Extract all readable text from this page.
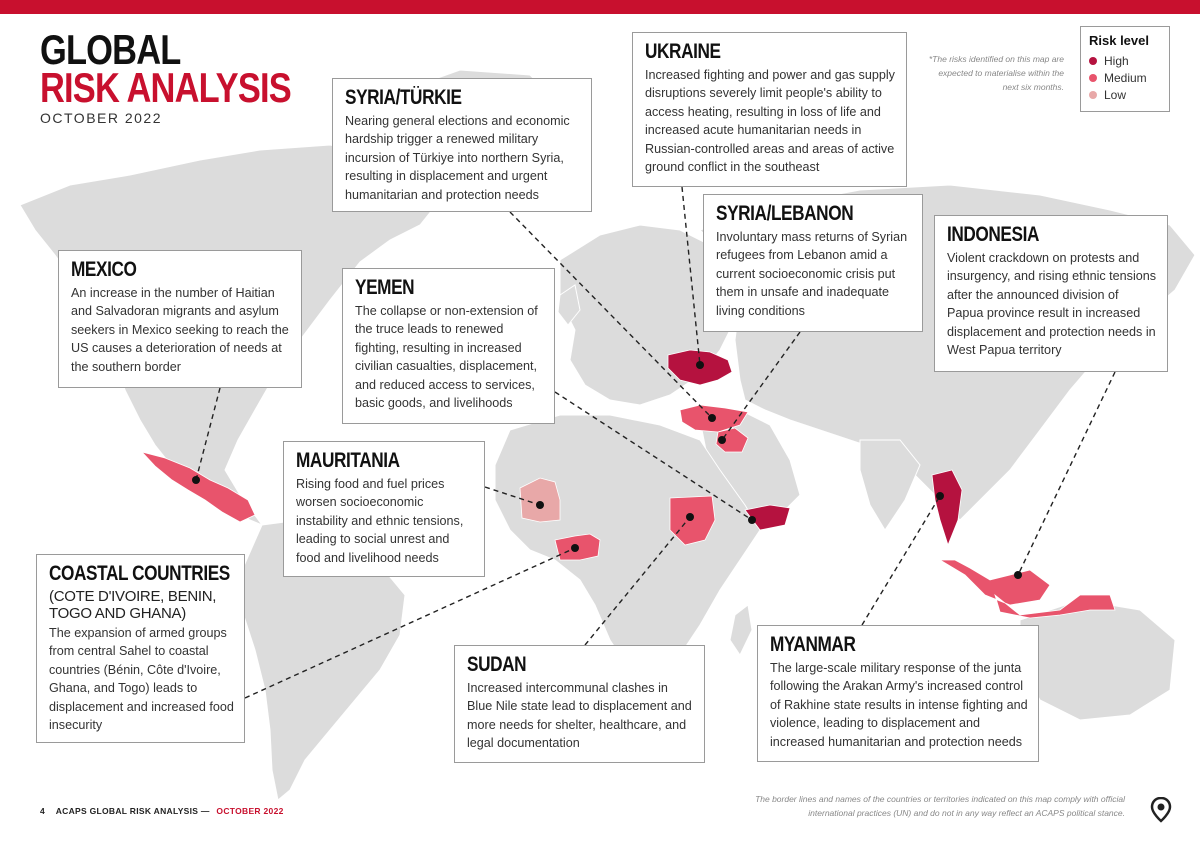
GLOBAL
RISK ANALYSIS
OCTOBER 2022
*The risks identified on this map are expected to materialise within the next six months.
Risk level
High
Medium
Low
SYRIA/TÜRKIE

Nearing general elections and economic hardship trigger a renewed military incursion of Türkiye into northern Syria, resulting in displacement and urgent humanitarian and protection needs

UKRAINE

Increased fighting and power and gas supply disruptions severely limit people's ability to access heating, resulting in loss of life and increased acute humanitarian needs in Russian-controlled areas and areas of active ground conflict in the southeast

SYRIA/LEBANON

Involuntary mass returns of Syrian refugees from Lebanon amid a current socioeconomic crisis put them in unsafe and inadequate living conditions

INDONESIA

Violent crackdown on protests and insurgency, and rising ethnic tensions after the announced division of Papua province result in increased displacement and protection needs in West Papua territory

MEXICO

An increase in the number of Haitian and Salvadoran migrants and asylum seekers in Mexico seeking to reach the US causes a deterioration of needs at the southern border

YEMEN

The collapse or non-extension of the truce leads to renewed fighting, resulting in increased civilian casualties, displacement, and reduced access to services, basic goods, and livelihoods

MAURITANIA

Rising food and fuel prices worsen socioeconomic instability and ethnic tensions, leading to social unrest and food and livelihood needs

COASTAL COUNTRIES
(COTE D'IVOIRE, BENIN, TOGO AND GHANA)

The expansion of armed groups from central Sahel to coastal countries (Bénin, Côte d'Ivoire, Ghana, and Togo) leads to displacement and increased food insecurity

SUDAN

Increased intercommunal clashes in Blue Nile state lead to displacement and more needs for shelter, healthcare, and legal documentation

MYANMAR

The large-scale military response of the junta following the Arakan Army's increased control of Rakhine state results in intense fighting and violence, leading to displacement and increased humanitarian and protection needs

4 ACAPS GLOBAL RISK ANALYSIS — OCTOBER 2022
The border lines and names of the countries or territories indicated on this map comply with official international practices (UN) and do not in any way reflect an ACAPS political stance.
